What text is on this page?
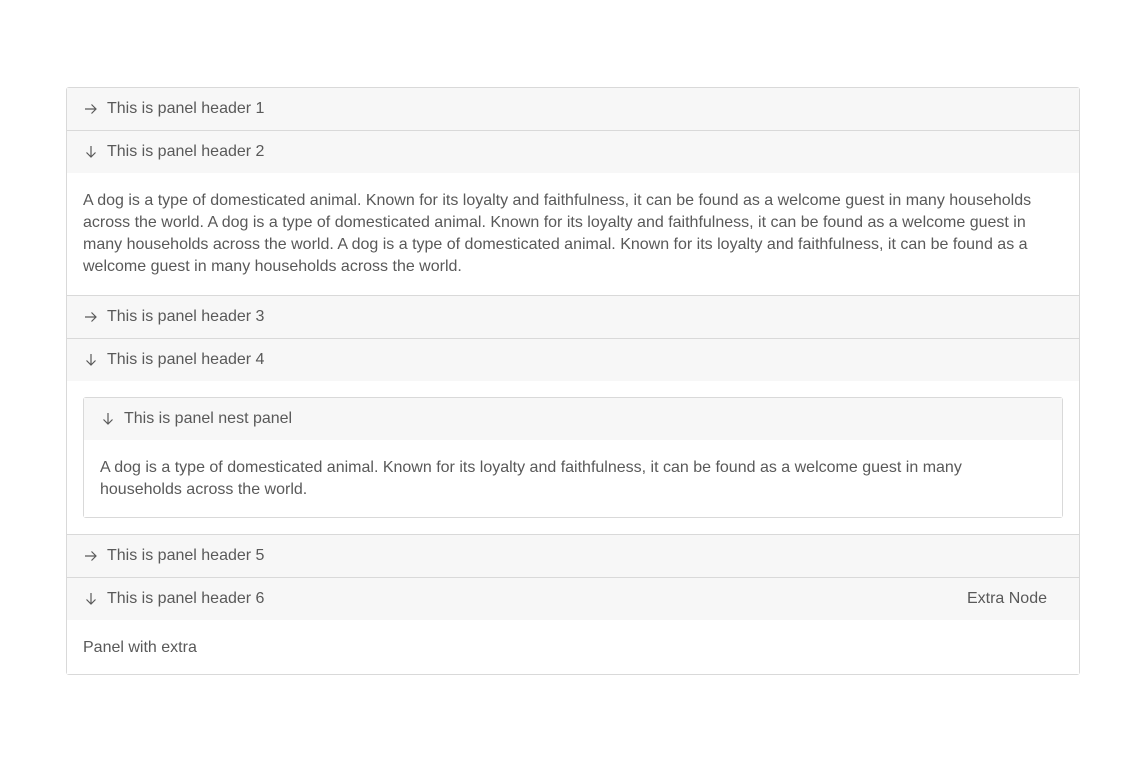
This is panel header 1
This is panel header 2
A dog is a type of domesticated animal. Known for its loyalty and faithfulness, it can be found as a welcome guest in many households across the world. A dog is a type of domesticated animal. Known for its loyalty and faithfulness, it can be found as a welcome guest in many households across the world. A dog is a type of domesticated animal. Known for its loyalty and faithfulness, it can be found as a welcome guest in many households across the world.
This is panel header 3
This is panel header 4
This is panel nest panel
A dog is a type of domesticated animal. Known for its loyalty and faithfulness, it can be found as a welcome guest in many households across the world.
This is panel header 5
This is panel header 6	Extra Node
Panel with extra
